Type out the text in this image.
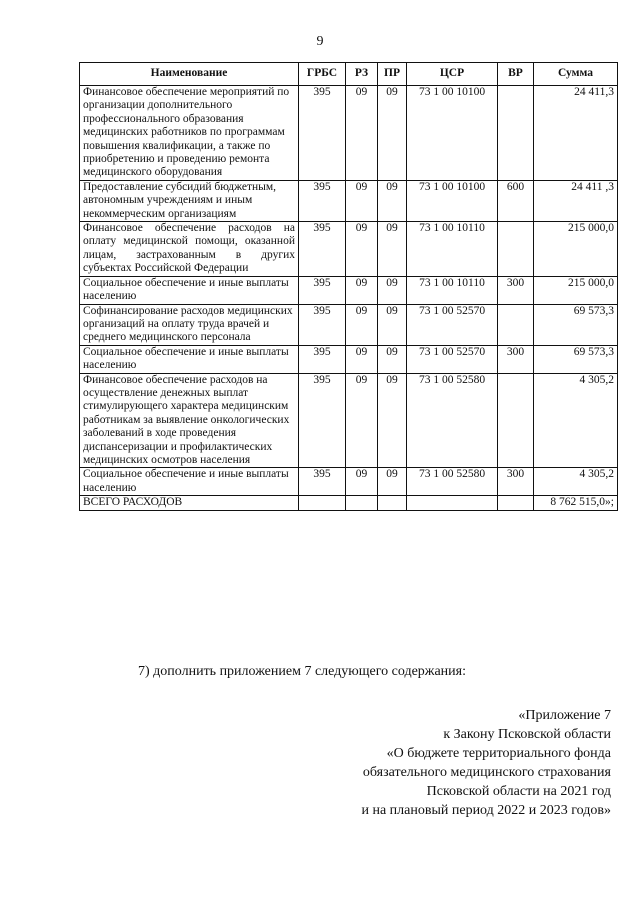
9
Наименование	ГРБС	РЗ	ПР	ЦСР	ВР	Сумма
Финансовое обеспечение мероприятий по организации дополнительного профессионального образования медицинских работников по программам повышения квалификации, а также по приобретению и проведению ремонта медицинского оборудования	395	09	09	73 1 00 10100		24 411,3
Предоставление субсидий бюджетным, автономным учреждениям и иным некоммерческим организациям	395	09	09	73 1 00 10100	600	24 411 ,3
Финансовое обеспечение расходов на оплату медицинской помощи, оказанной лицам, застрахованным в других субъектах Российской Федерации	395	09	09	73 1 00 10110		215 000,0
Социальное обеспечение и иные выплаты населению	395	09	09	73 1 00 10110	300	215 000,0
Софинансирование расходов медицинских организаций на оплату труда врачей и среднего медицинского персонала	395	09	09	73 1 00 52570		69 573,3
Социальное обеспечение и иные выплаты населению	395	09	09	73 1 00 52570	300	69 573,3
Финансовое обеспечение расходов на осуществление денежных выплат стимулирующего характера медицинским работникам за выявление онкологических заболеваний в ходе проведения диспансеризации и профилактических медицинских осмотров населения	395	09	09	73 1 00 52580		4 305,2
Социальное обеспечение и иные выплаты населению	395	09	09	73 1 00 52580	300	4 305,2
ВСЕГО РАСХОДОВ						8 762 515,0»;
7) дополнить приложением 7 следующего содержания:
«Приложение 7
к Закону Псковской области
«О бюджете территориального фонда
обязательного медицинского страхования
Псковской области на 2021 год
и на плановый период 2022 и 2023 годов»
